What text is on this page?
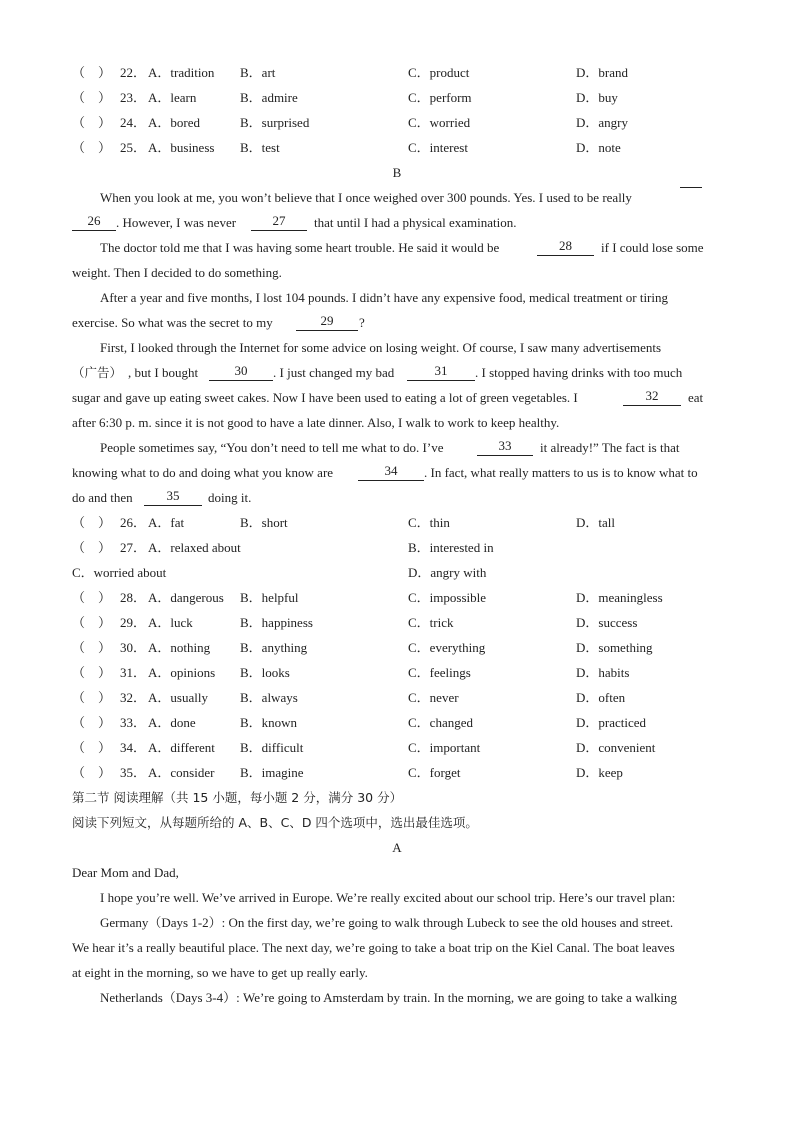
（　） 22． A．tradition B．art	C．product	D．brand
（　） 23． A．learn	B．admire	C．perform	D．buy
（　） 24． A．bored	B．surprised	C．worried	D．angry
（　） 25． A．business B．test	C．interest	D．note
B
When you look at me, you won’t believe that I once weighed over 300 pounds. Yes. I used to be really
26	. However, I was never	27	that until I had a physical examination.
The doctor told me that I was having some heart trouble. He said it would be	28	if I could lose some
weight. Then I decided to do something.
After a year and five months, I lost 104 pounds. I didn’t have any expensive food, medical treatment or tiring
exercise. So what was the secret to my	29	?
First, I looked through the Internet for some advice on losing weight. Of course, I saw many advertisements
（广告） , but I bought	30	. I just changed my bad	31	. I stopped having drinks with too much
sugar and gave up eating sweet cakes. Now I have been used to eating a lot of green vegetables. I	32	eat
after 6:30 p. m. since it is not good to have a late dinner. Also, I walk to work to keep healthy.
People sometimes say, “You don’t need to tell me what to do. I’ve	33	it already!” The fact is that
knowing what to do and doing what you know are	34	. In fact, what really matters to us is to know what to
do and then	35	doing it.
（　） 26． A．fat	B．short	C．thin	D．tall
（　） 27． A．relaxed about	B．interested in
C．worried about	D．angry with
（　） 28． A．dangerous B．helpful	C．impossible	D．meaningless
（　） 29． A．luck	B．happiness	C．trick	D．success
（　） 30． A．nothing B．anything	C．everything	D．something
（　） 31． A．opinions B．looks	C．feelings	D．habits
（　） 32． A．usually B．always	C．never	D．often
（　） 33． A．done	B．known	C．changed	D．practiced
（　） 34． A．different B．difficult	C．important	D．convenient
（　） 35． A．consider B．imagine	C．forget	D．keep
第二节 阅读理解（共 15 小题，每小题 2 分，满分 30 分）
阅读下列短文，从每题所给的 A、B、C、D 四个选项中，选出最佳选项。
A
Dear Mom and Dad,
I hope you’re well. We’ve arrived in Europe. We’re really excited about our school trip. Here’s our travel plan:
Germany（Days 1-2）: On the first day, we’re going to walk through Lubeck to see the old houses and street.
We hear it’s a really beautiful place. The next day, we’re going to take a boat trip on the Kiel Canal. The boat leaves
at eight in the morning, so we have to get up really early.
Netherlands（Days 3-4）: We’re going to Amsterdam by train. In the morning, we are going to take a walking
